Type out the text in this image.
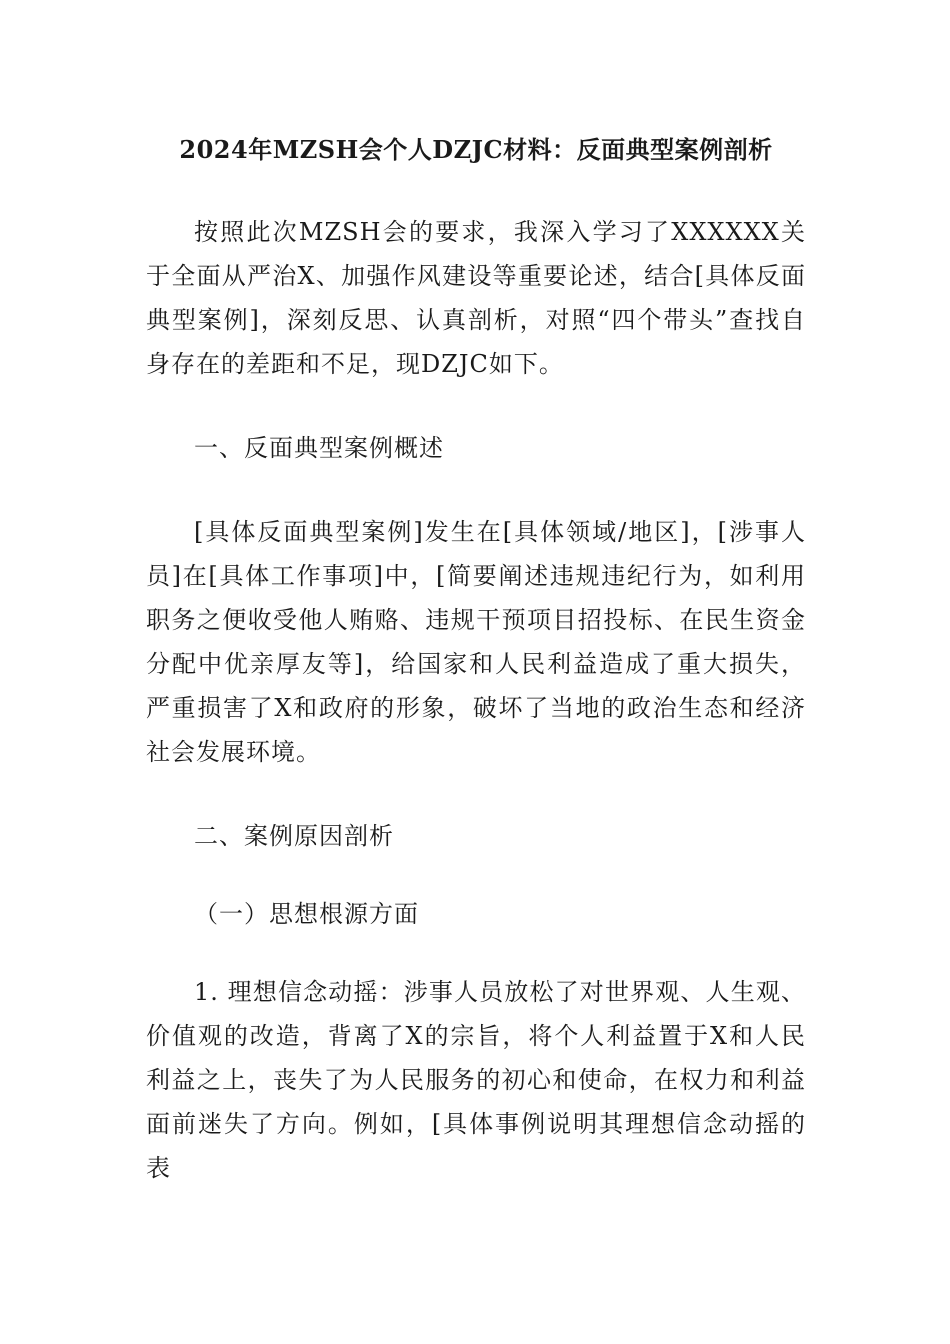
2024年MZSH会个人DZJC材料：反面典型案例剖析

按照此次MZSH会的要求，我深入学习了XXXXXX关于全面从严治X、加强作风建设等重要论述，结合[具体反面典型案例]，深刻反思、认真剖析，对照“四个带头”查找自身存在的差距和不足，现DZJC如下。

一、反面典型案例概述

[具体反面典型案例]发生在[具体领域/地区]，[涉事人员]在[具体工作事项]中，[简要阐述违规违纪行为，如利用职务之便收受他人贿赂、违规干预项目招投标、在民生资金分配中优亲厚友等]，给国家和人民利益造成了重大损失，严重损害了X和政府的形象，破坏了当地的政治生态和经济社会发展环境。

二、案例原因剖析

（一）思想根源方面

1. 理想信念动摇：涉事人员放松了对世界观、人生观、价值观的改造，背离了X的宗旨，将个人利益置于X和人民利益之上，丧失了为人民服务的初心和使命，在权力和利益面前迷失了方向。例如，[具体事例说明其理想信念动摇的表
